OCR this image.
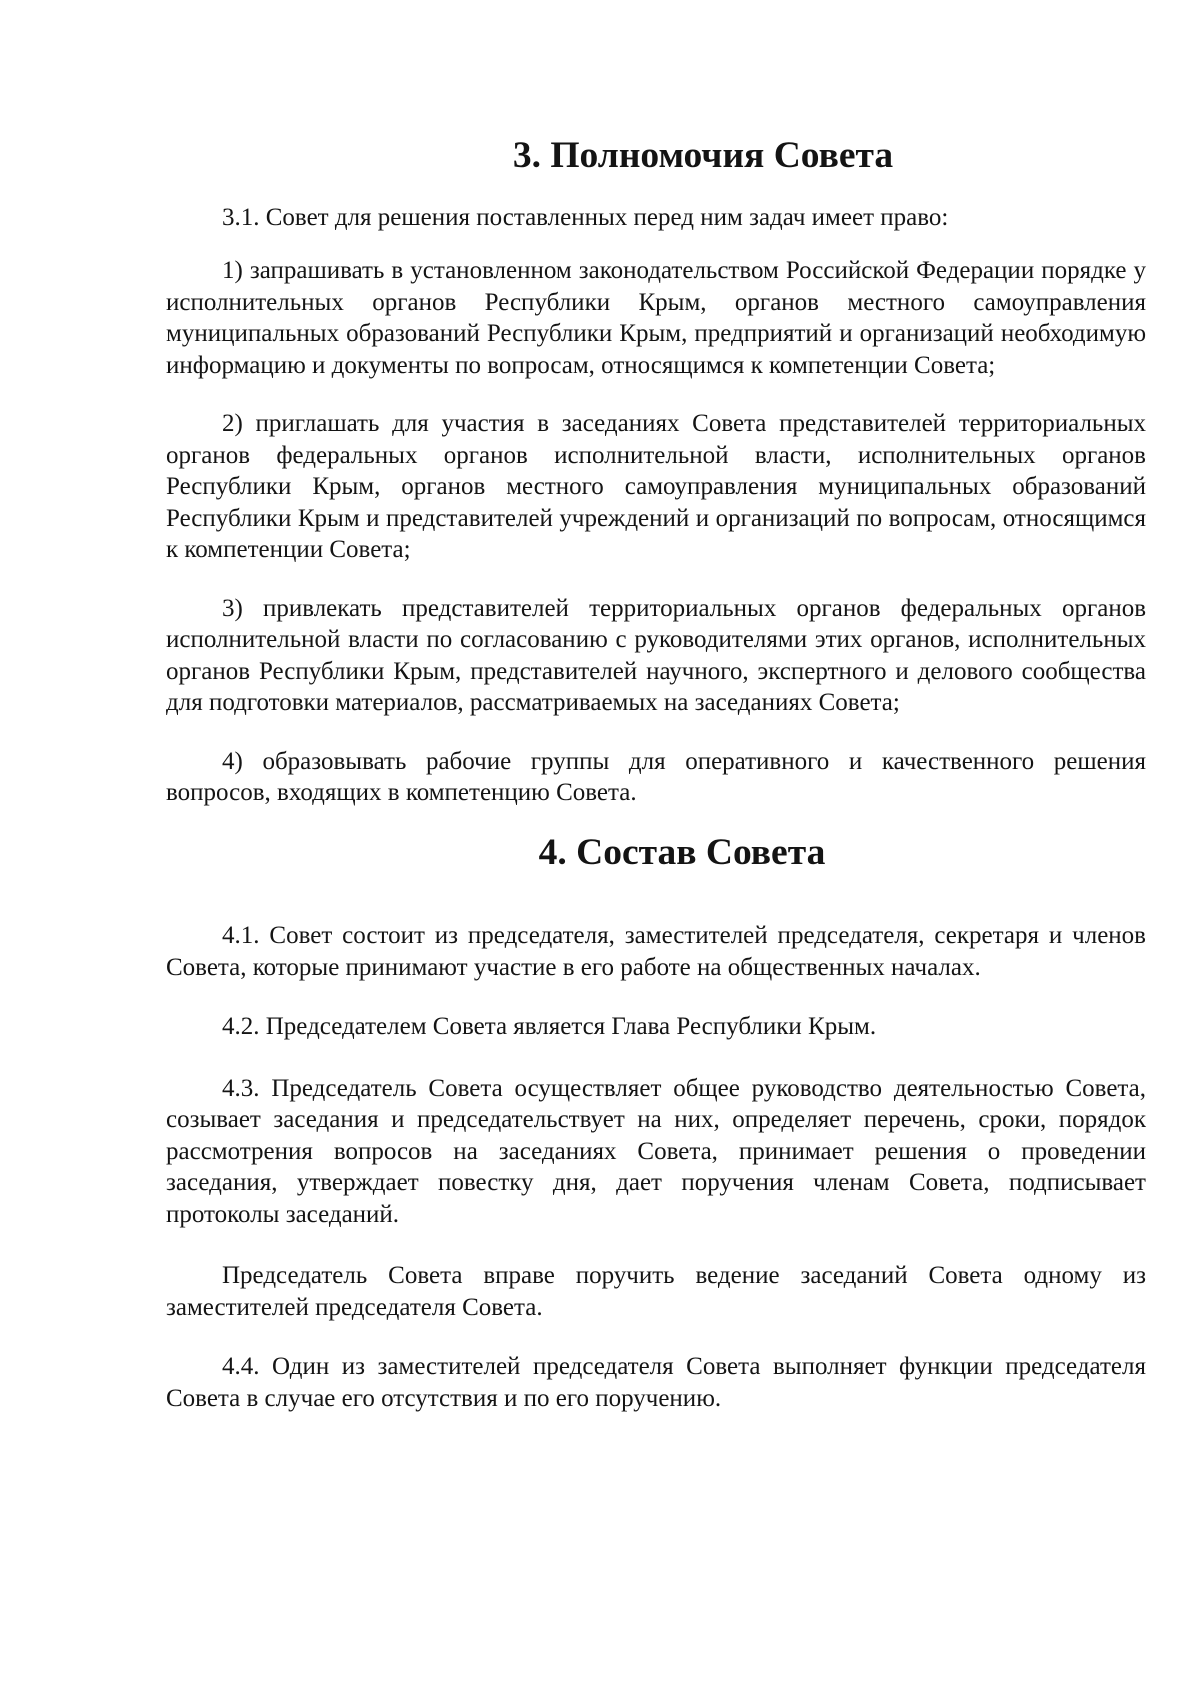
3. Полномочия Совета

3.1. Совет для решения поставленных перед ним задач имеет право:

1) запрашивать в установленном законодательством Российской Федерации порядке у исполнительных органов Республики Крым, органов местного самоуправления муниципальных образований Республики Крым, предприятий и организаций необходимую информацию и документы по вопросам, относящимся к компетенции Совета;

2) приглашать для участия в заседаниях Совета представителей территориальных органов федеральных органов исполнительной власти, исполнительных органов Республики Крым, органов местного самоуправления муниципальных образований Республики Крым и представителей учреждений и организаций по вопросам, относящимся к компетенции Совета;

3) привлекать представителей территориальных органов федеральных органов исполнительной власти по согласованию с руководителями этих органов, исполнительных органов Республики Крым, представителей научного, экспертного и делового сообщества для подготовки материалов, рассматриваемых на заседаниях Совета;

4) образовывать рабочие группы для оперативного и качественного решения вопросов, входящих в компетенцию Совета.

4. Состав Совета

4.1. Совет состоит из председателя, заместителей председателя, секретаря и членов Совета, которые принимают участие в его работе на общественных началах.

4.2. Председателем Совета является Глава Республики Крым.

4.3. Председатель Совета осуществляет общее руководство деятельностью Совета, созывает заседания и председательствует на них, определяет перечень, сроки, порядок рассмотрения вопросов на заседаниях Совета, принимает решения о проведении заседания, утверждает повестку дня, дает поручения членам Совета, подписывает протоколы заседаний.

Председатель Совета вправе поручить ведение заседаний Совета одному из заместителей председателя Совета.

4.4. Один из заместителей председателя Совета выполняет функции председателя Совета в случае его отсутствия и по его поручению.
